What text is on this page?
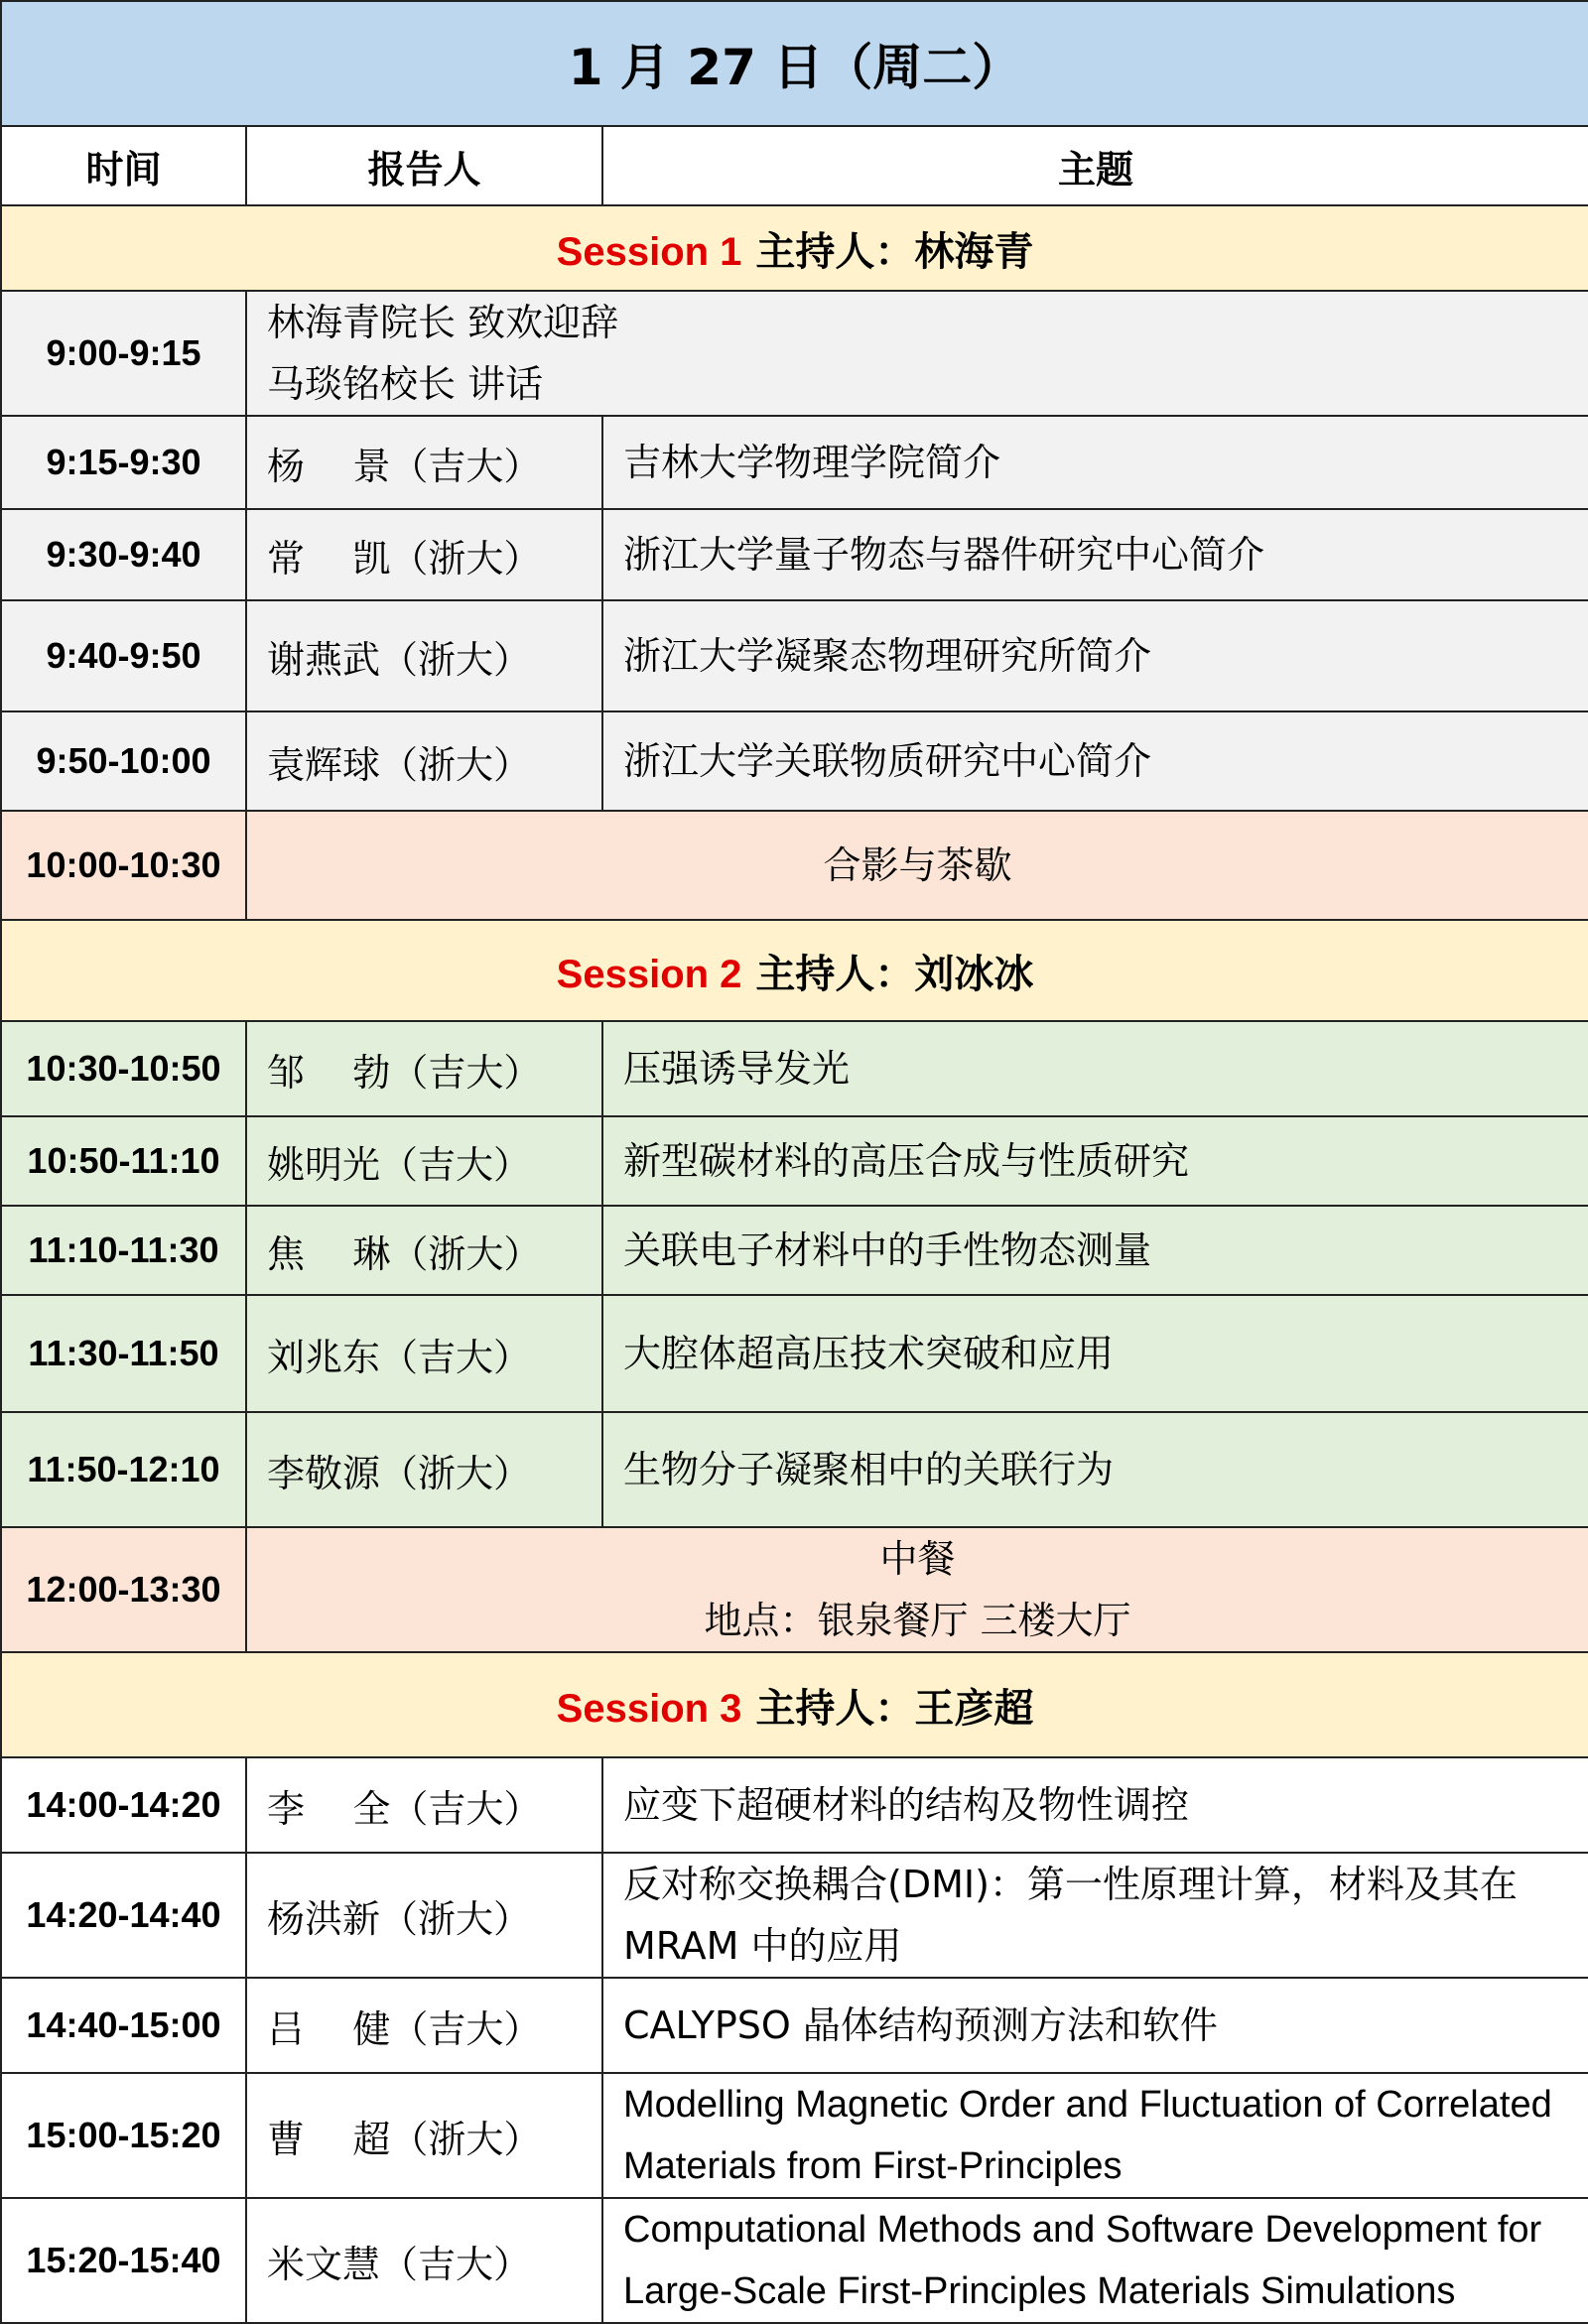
1 月 27 日（周二）		
时间	报告人	主题
Session 1 主持人：林海青		
9:00-9:15	林海青院长 致欢迎辞
马琰铭校长 讲话	

9:15-9:30	杨    景（吉大）	吉林大学物理学院简介
9:30-9:40	常    凯（浙大）	浙江大学量子物态与器件研究中心简介
9:40-9:50	谢燕武（浙大）	浙江大学凝聚态物理研究所简介
9:50-10:00	袁辉球（浙大）	浙江大学关联物质研究中心简介
10:00-10:30	合影与茶歇	
Session 2 主持人：刘冰冰		
10:30-10:50	邹    勃（吉大）	压强诱导发光
10:50-11:10	姚明光（吉大）	新型碳材料的高压合成与性质研究
11:10-11:30	焦    琳（浙大）	关联电子材料中的手性物态测量
11:30-11:50	刘兆东（吉大）	大腔体超高压技术突破和应用
11:50-12:10	李敬源（浙大）	生物分子凝聚相中的关联行为
12:00-13:30	中餐
地点：银泉餐厅 三楼大厅	

Session 3 主持人：王彦超		
14:00-14:20	李    全（吉大）	应变下超硬材料的结构及物性调控
14:20-14:40	杨洪新（浙大）	反对称交换耦合(DMI)：第一性原理计算，材料及其在 MRAM 中的应用
14:40-15:00	吕    健（吉大）	CALYPSO 晶体结构预测方法和软件
15:00-15:20	曹    超（浙大）	Modelling Magnetic Order and Fluctuation of Correlated Materials from First-Principles
15:20-15:40	米文慧（吉大）	Computational Methods and Software Development for Large-Scale First-Principles Materials Simulations
